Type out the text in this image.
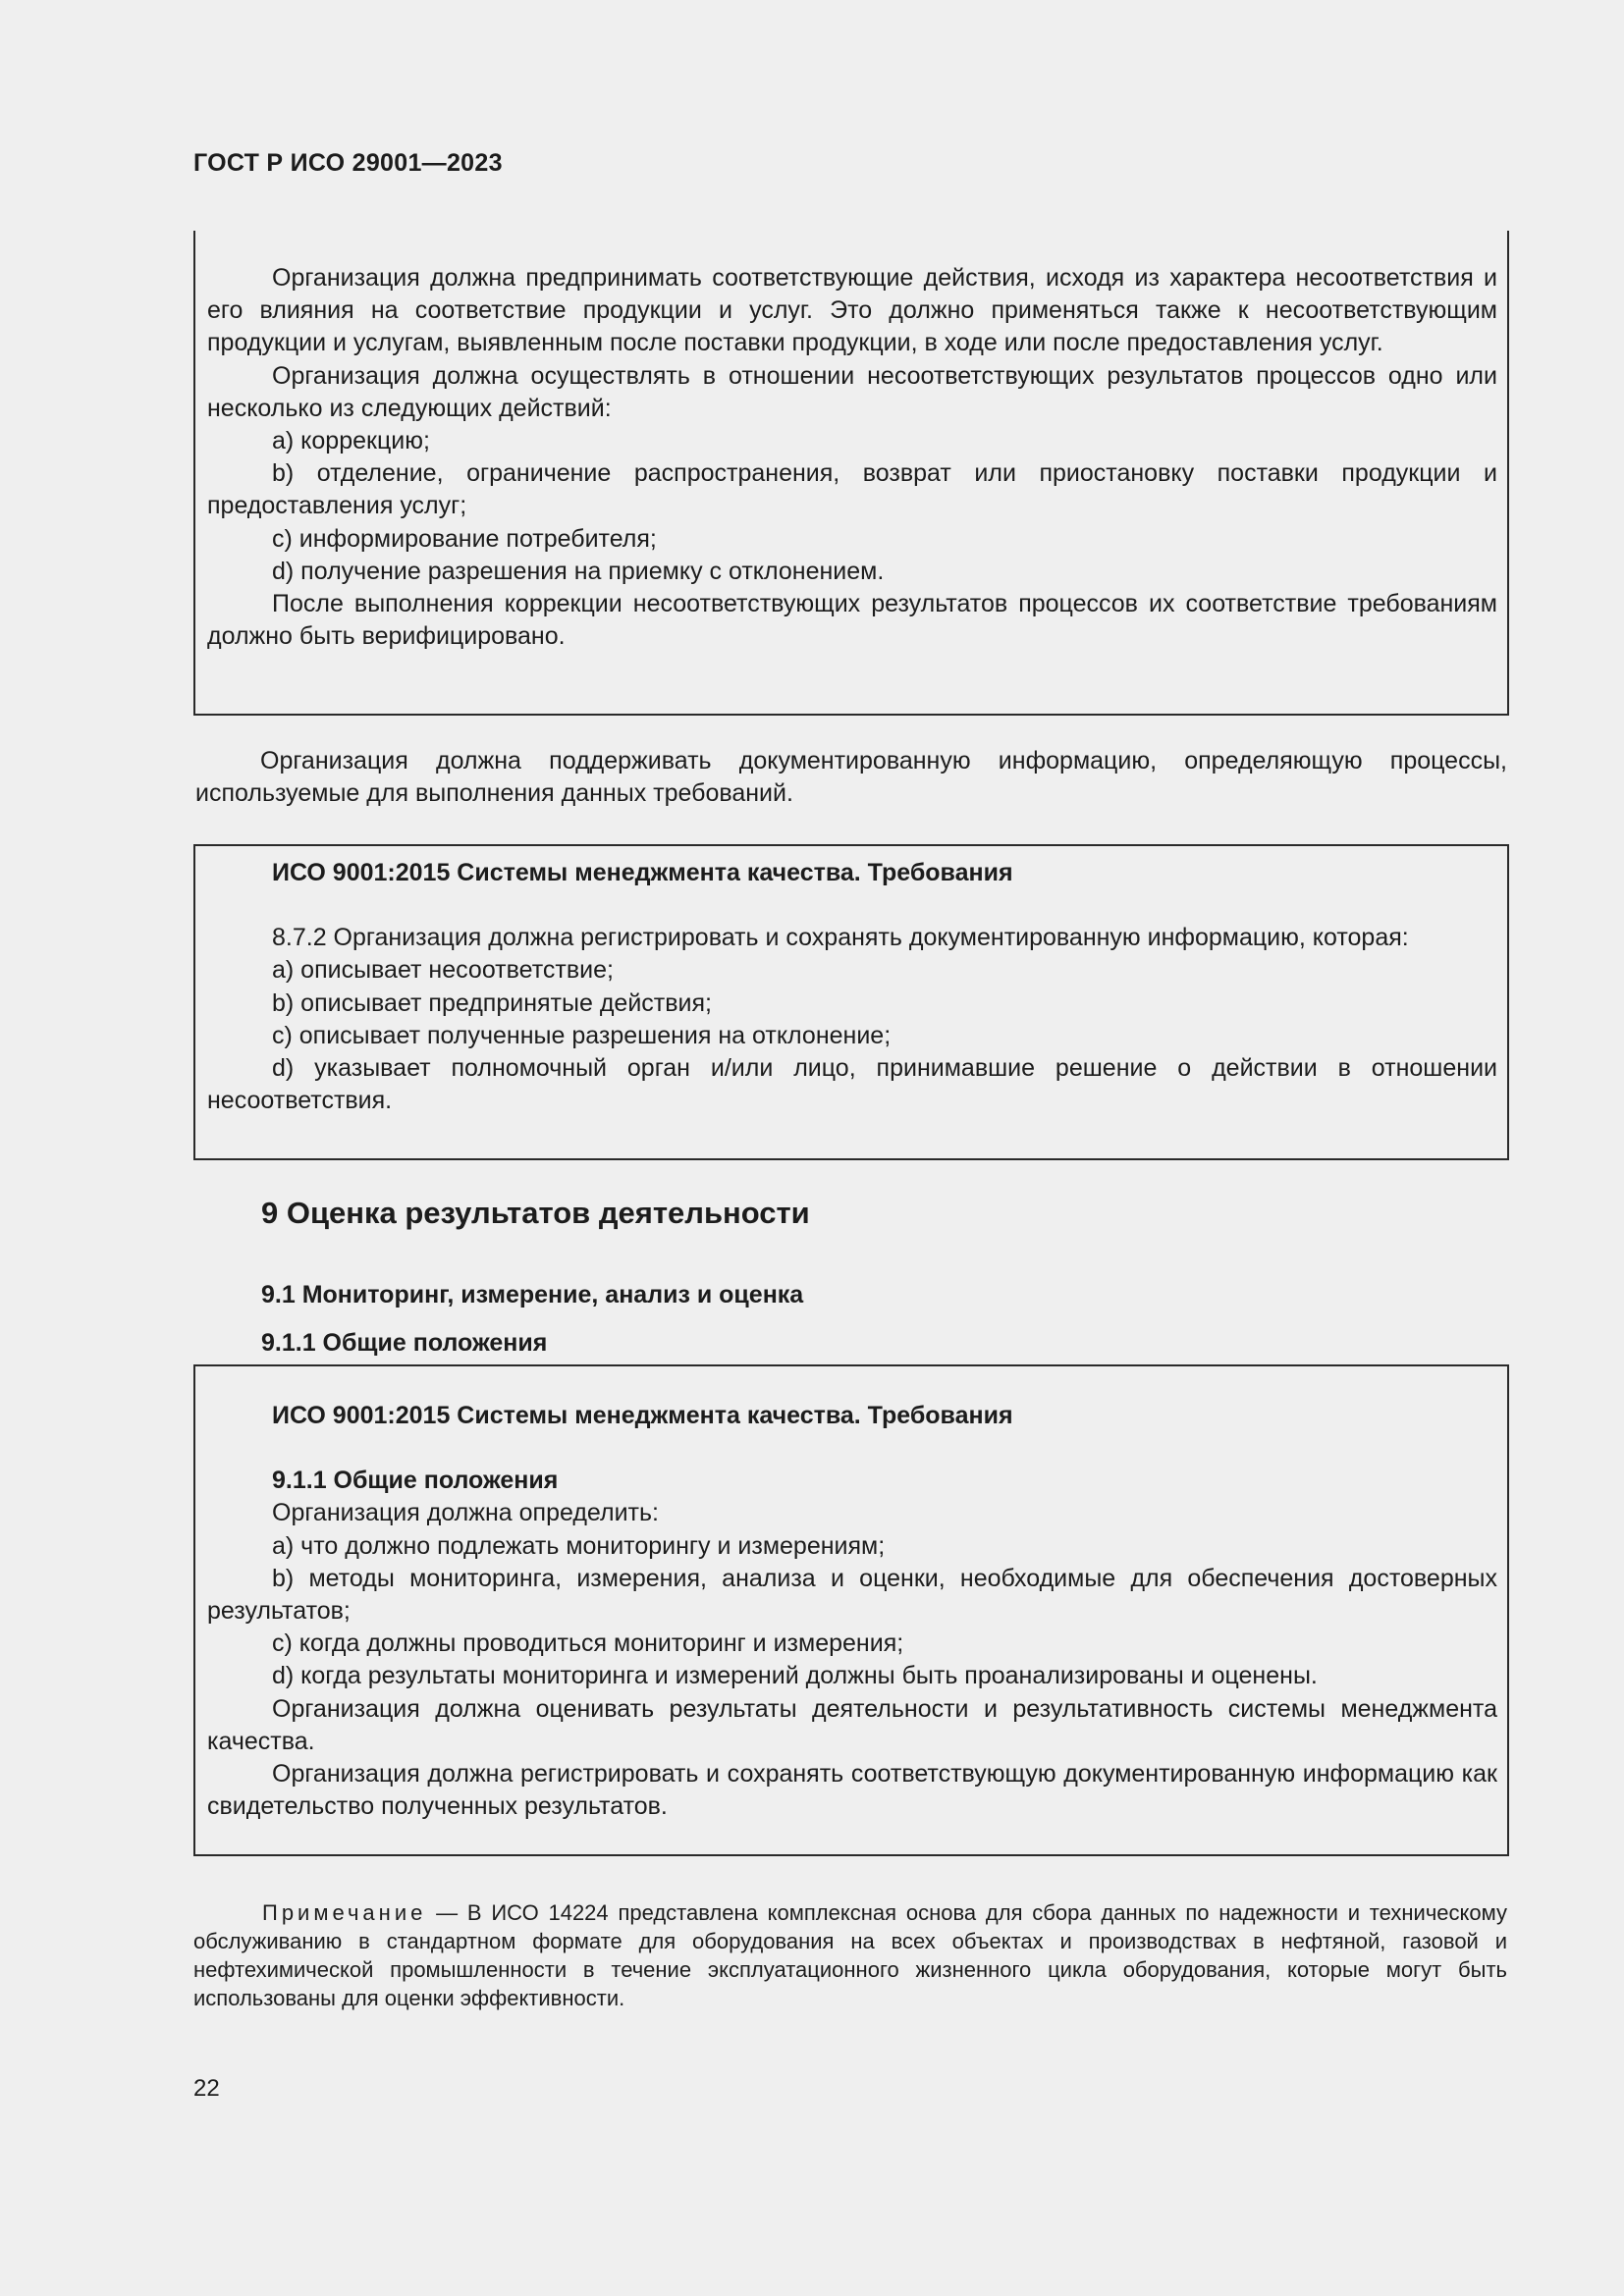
ГОСТ Р ИСО 29001—2023

Организация должна предпринимать соответствующие действия, исходя из характера несоответствия и его влияния на соответствие продукции и услуг. Это должно применяться также к несоответствующим продукции и услугам, выявленным после поставки продукции, в ходе или после предоставления услуг.

Организация должна осуществлять в отношении несоответствующих результатов процессов одно или несколько из следующих действий:

a) коррекцию;

b) отделение, ограничение распространения, возврат или приостановку поставки продукции и предоставления услуг;

c) информирование потребителя;

d) получение разрешения на приемку с отклонением.

После выполнения коррекции несоответствующих результатов процессов их соответствие требованиям должно быть верифицировано.

Организация должна поддерживать документированную информацию, определяющую процессы, используемые для выполнения данных требований.

ИСО 9001:2015 Системы менеджмента качества. Требования

8.7.2 Организация должна регистрировать и сохранять документированную информацию, которая:

a) описывает несоответствие;

b) описывает предпринятые действия;

c) описывает полученные разрешения на отклонение;

d) указывает полномочный орган и/или лицо, принимавшие решение о действии в отношении несоответствия.

9 Оценка результатов деятельности
9.1 Мониторинг, измерение, анализ и оценка
9.1.1 Общие положения

ИСО 9001:2015 Системы менеджмента качества. Требования

9.1.1 Общие положения

Организация должна определить:

a) что должно подлежать мониторингу и измерениям;

b) методы мониторинга, измерения, анализа и оценки, необходимые для обеспечения достоверных результатов;

c) когда должны проводиться мониторинг и измерения;

d) когда результаты мониторинга и измерений должны быть проанализированы и оценены.

Организация должна оценивать результаты деятельности и результативность системы менеджмента качества.

Организация должна регистрировать и сохранять соответствующую документированную информацию как свидетельство полученных результатов.

Примечание — В ИСО 14224 представлена комплексная основа для сбора данных по надежности и техническому обслуживанию в стандартном формате для оборудования на всех объектах и производствах в нефтяной, газовой и нефтехимической промышленности в течение эксплуатационного жизненного цикла оборудования, которые могут быть использованы для оценки эффективности.

22
